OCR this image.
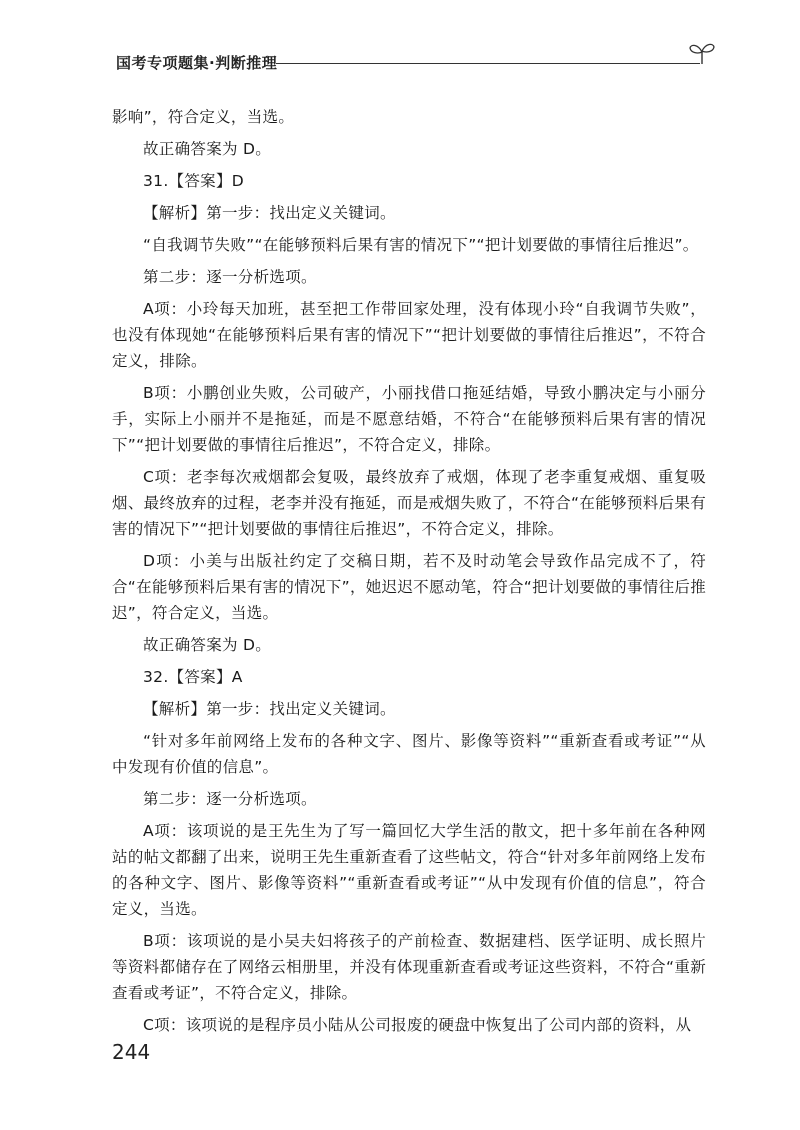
国考专项题集·判断推理

影响”，符合定义，当选。

故正确答案为 D。

31.【答案】D

【解析】第一步：找出定义关键词。

“自我调节失败”“在能够预料后果有害的情况下”“把计划要做的事情往后推迟”。

第二步：逐一分析选项。

A项：小玲每天加班，甚至把工作带回家处理，没有体现小玲“自我调节失败”，也没有体现她“在能够预料后果有害的情况下”“把计划要做的事情往后推迟”，不符合定义，排除。

B项：小鹏创业失败，公司破产，小丽找借口拖延结婚，导致小鹏决定与小丽分手，实际上小丽并不是拖延，而是不愿意结婚，不符合“在能够预料后果有害的情况下”“把计划要做的事情往后推迟”，不符合定义，排除。

C项：老李每次戒烟都会复吸，最终放弃了戒烟，体现了老李重复戒烟、重复吸烟、最终放弃的过程，老李并没有拖延，而是戒烟失败了，不符合“在能够预料后果有害的情况下”“把计划要做的事情往后推迟”，不符合定义，排除。

D项：小美与出版社约定了交稿日期，若不及时动笔会导致作品完成不了，符合“在能够预料后果有害的情况下”，她迟迟不愿动笔，符合“把计划要做的事情往后推迟”，符合定义，当选。

故正确答案为 D。

32.【答案】A

【解析】第一步：找出定义关键词。

“针对多年前网络上发布的各种文字、图片、影像等资料”“重新查看或考证”“从中发现有价值的信息”。

第二步：逐一分析选项。

A项：该项说的是王先生为了写一篇回忆大学生活的散文，把十多年前在各种网站的帖文都翻了出来，说明王先生重新查看了这些帖文，符合“针对多年前网络上发布的各种文字、图片、影像等资料”“重新查看或考证”“从中发现有价值的信息”，符合定义，当选。

B项：该项说的是小吴夫妇将孩子的产前检查、数据建档、医学证明、成长照片等资料都储存在了网络云相册里，并没有体现重新查看或考证这些资料，不符合“重新查看或考证”，不符合定义，排除。

C项：该项说的是程序员小陆从公司报废的硬盘中恢复出了公司内部的资料，从

244
